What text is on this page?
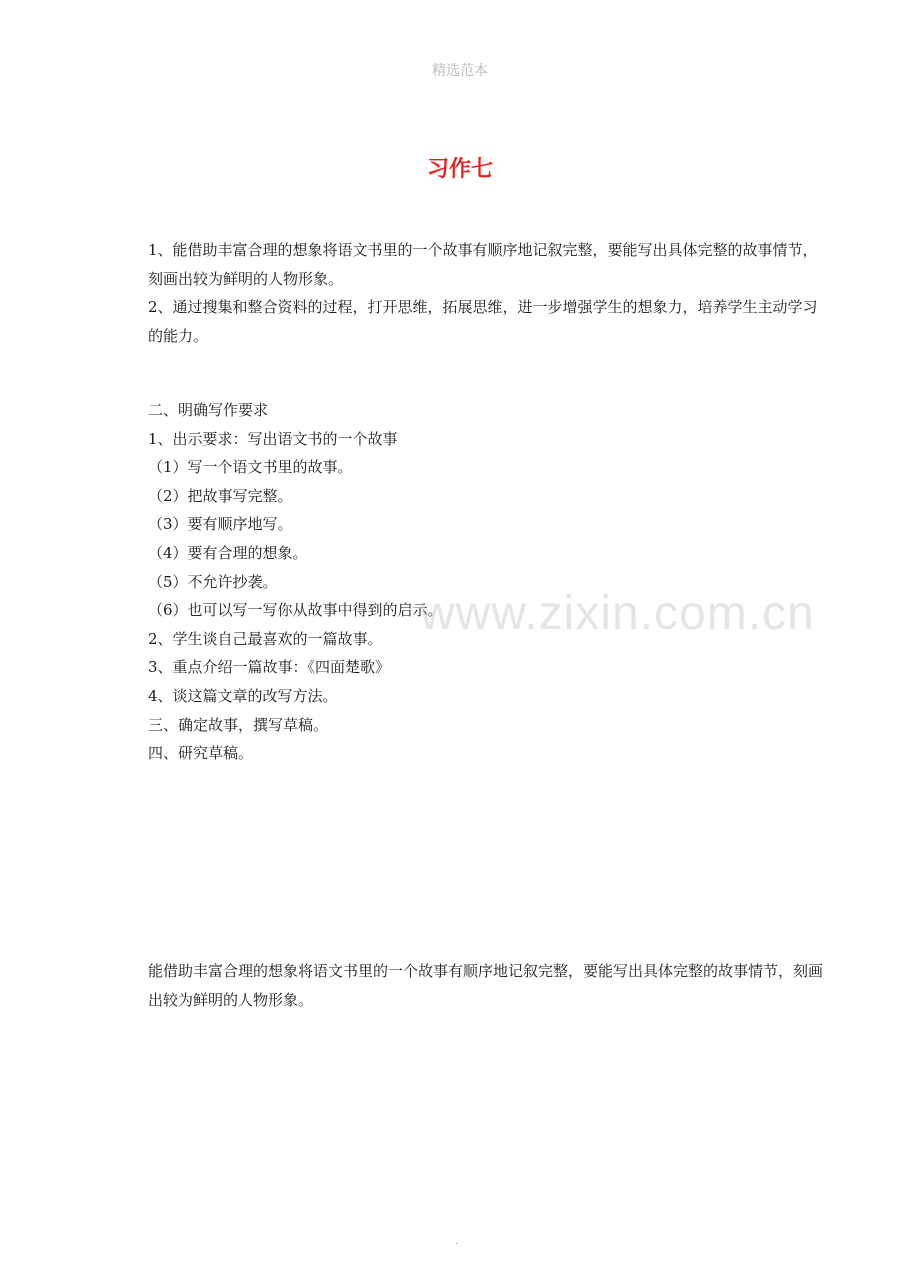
精选范本
习作七

1、能借助丰富合理的想象将语文书里的一个故事有顺序地记叙完整，要能写出具体完整的故事情节，刻画出较为鲜明的人物形象。

2、通过搜集和整合资料的过程，打开思维，拓展思维，进一步增强学生的想象力，培养学生主动学习的能力。

二、明确写作要求

1、出示要求：写出语文书的一个故事

（1）写一个语文书里的故事。

（2）把故事写完整。

（3）要有顺序地写。

（4）要有合理的想象。

（5）不允许抄袭。

（6）也可以写一写你从故事中得到的启示。

2、学生谈自己最喜欢的一篇故事。

3、重点介绍一篇故事：《四面楚歌》

4、谈这篇文章的改写方法。

三、确定故事，撰写草稿。

四、研究草稿。

能借助丰富合理的想象将语文书里的一个故事有顺序地记叙完整，要能写出具体完整的故事情节，刻画出较为鲜明的人物形象。
www.zixin.com.cn
.
